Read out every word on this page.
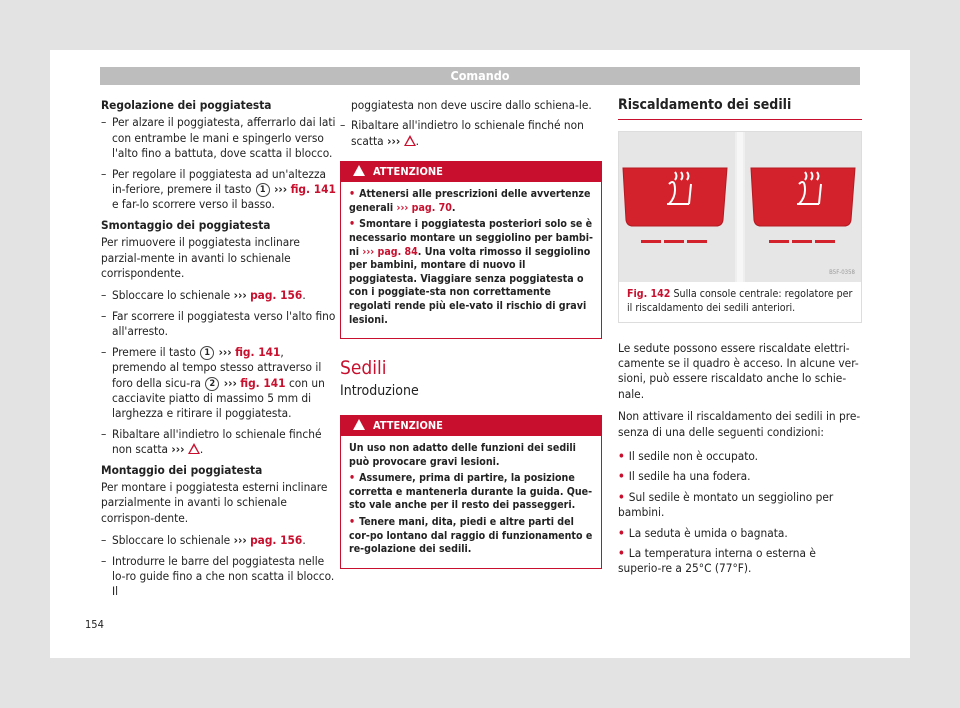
Comando

Regolazione dei poggiatesta

– Per alzare il poggiatesta, afferrarlo dai lati con entrambe le mani e spingerlo verso l'alto fino a battuta, dove scatta il blocco.
– Per regolare il poggiatesta ad un'altezza in-feriore, premere il tasto 1 ››› fig. 141 e far-lo scorrere verso il basso.

Smontaggio dei poggiatesta

Per rimuovere il poggiatesta inclinare parzial-mente in avanti lo schienale corrispondente.

– Sbloccare lo schienale ››› pag. 156.
– Far scorrere il poggiatesta verso l'alto fino all'arresto.
– Premere il tasto 1 ››› fig. 141, premendo al tempo stesso attraverso il foro della sicu-ra 2 ››› fig. 141 con un cacciavite piatto di massimo 5 mm di larghezza e ritirare il poggiatesta.
– Ribaltare all'indietro lo schienale finché non scatta ››› .

Montaggio dei poggiatesta

Per montare i poggiatesta esterni inclinare parzialmente in avanti lo schienale corrispon-dente.

– Sbloccare lo schienale ››› pag. 156.
– Introdurre le barre del poggiatesta nelle lo-ro guide fino a che non scatta il blocco. Il
poggiatesta non deve uscire dallo schiena-le.
– Ribaltare all'indietro lo schienale finché non scatta ››› .
ATTENZIONE

• Attenersi alle prescrizioni delle avvertenze generali ››› pag. 70.

• Smontare i poggiatesta posteriori solo se è necessario montare un seggiolino per bambi-ni ››› pag. 84. Una volta rimosso il seggiolino per bambini, montare di nuovo il poggiatesta. Viaggiare senza poggiatesta o con i poggiate-sta non correttamente regolati rende più ele-vato il rischio di gravi lesioni.

Sedili
Introduzione
ATTENZIONE

Un uso non adatto delle funzioni dei sedili può provocare gravi lesioni.

• Assumere, prima di partire, la posizione corretta e mantenerla durante la guida. Que-sto vale anche per il resto dei passeggeri.

• Tenere mani, dita, piedi e altre parti del cor-po lontano dal raggio di funzionamento e re-golazione dei sedili.

Riscaldamento dei sedili
B5F-0358
Fig. 142 Sulla console centrale: regolatore per il riscaldamento dei sedili anteriori.

Le sedute possono essere riscaldate elettri-camente se il quadro è acceso. In alcune ver-sioni, può essere riscaldato anche lo schie-nale.

Non attivare il riscaldamento dei sedili in pre-senza di una delle seguenti condizioni:

• Il sedile non è occupato.

• Il sedile ha una fodera.

• Sul sedile è montato un seggiolino per bambini.

• La seduta è umida o bagnata.

• La temperatura interna o esterna è superio-re a 25°C (77°F).

154
